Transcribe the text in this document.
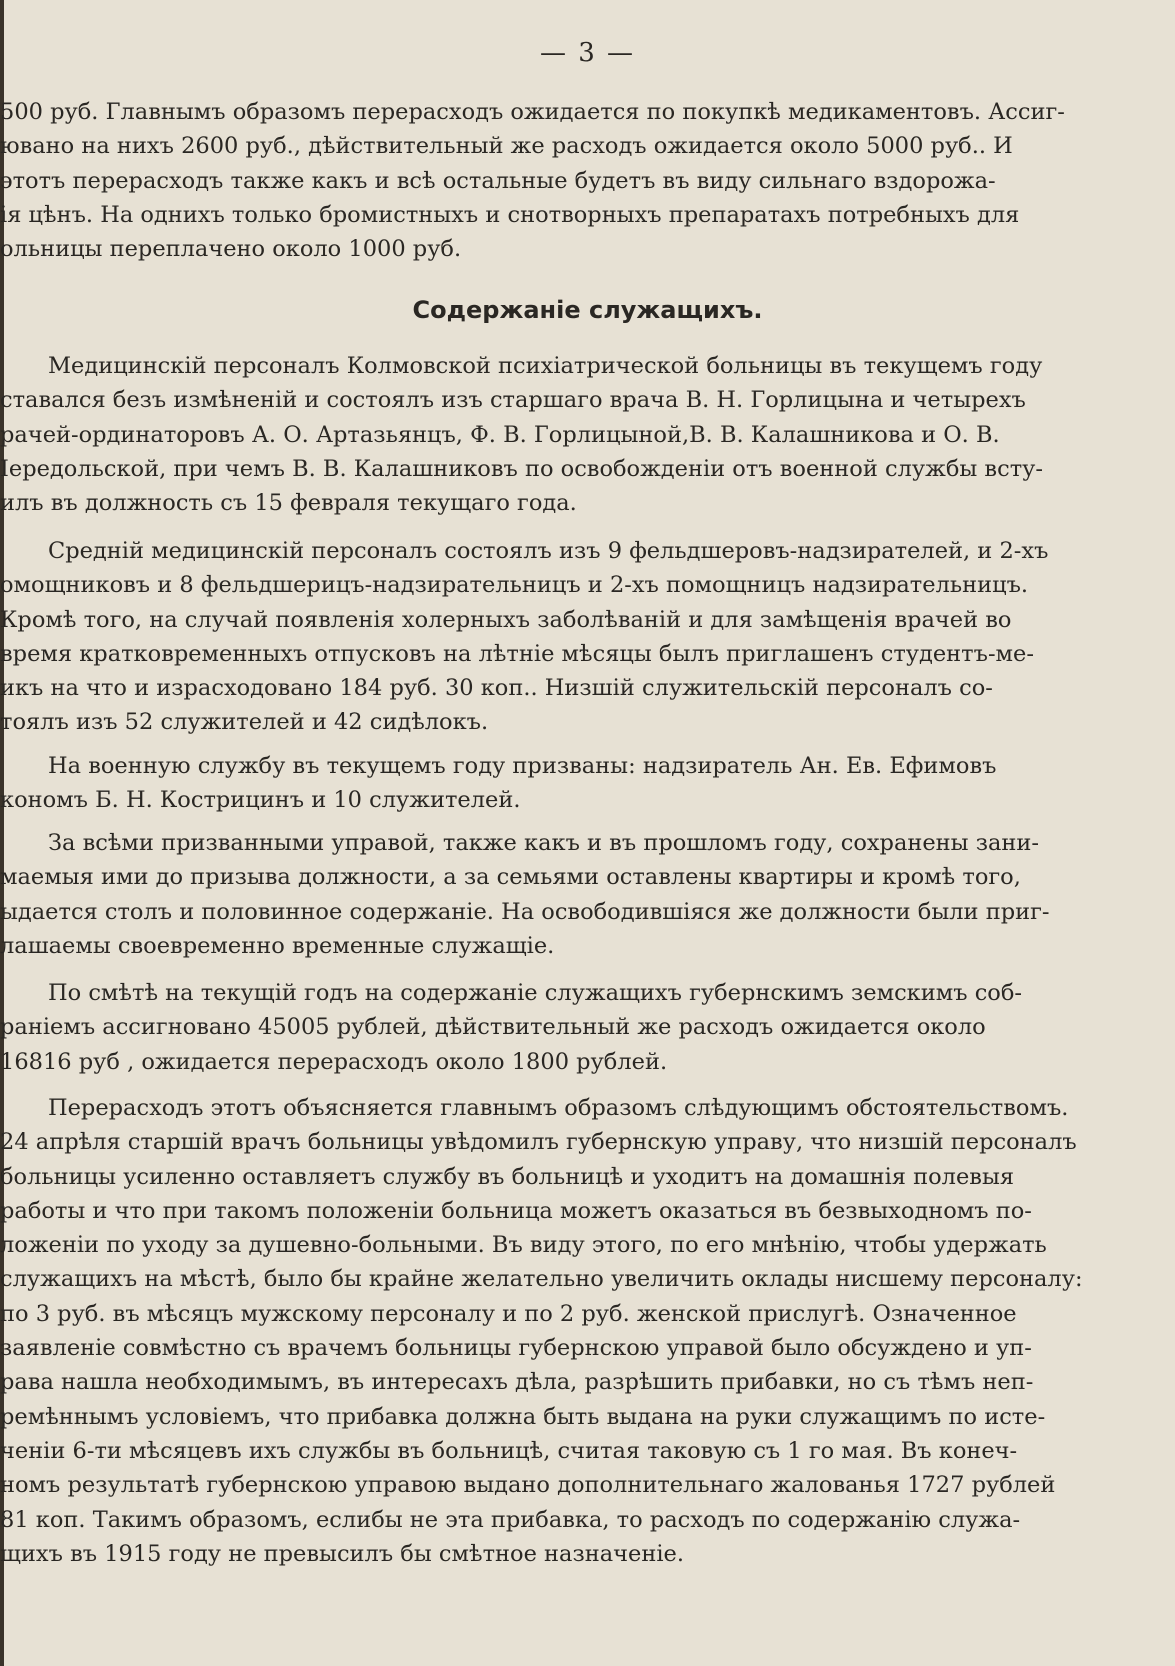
— 3 —
500 руб. Главнымъ образомъ перерасходъ ожидается по покупкѣ медикаментовъ. Ассиг-
ювано на нихъ 2600 руб., дѣйствительный же расходъ ожидается около 5000 руб.. И
этотъ перерасходъ также какъ и всѣ остальные будетъ въ виду сильнаго вздорожа-
ія цѣнъ. На однихъ только бромистныхъ и снотворныхъ препаратахъ потребныхъ для
ольницы переплачено около 1000 руб.
Содержаніе служащихъ.
Медицинскій персоналъ Колмовской психіатрической больницы въ текущемъ году
ставался безъ измѣненій и состоялъ изъ старшаго врача В. Н. Горлицына и четырехъ
рачей-ординаторовъ А. О. Артазьянцъ, Ф. В. Горлицыной,В. В. Калашникова и О. В.
Іередольской, при чемъ В. В. Калашниковъ по освобожденіи отъ военной службы всту-
илъ въ должность съ 15 февраля текущаго года.
Средній медицинскій персоналъ состоялъ изъ 9 фельдшеровъ-надзирателей, и 2-хъ
омощниковъ и 8 фельдшерицъ-надзирательницъ и 2-хъ помощницъ надзирательницъ.
Кромѣ того, на случай появленія холерныхъ заболѣваній и для замѣщенія врачей во
время кратковременныхъ отпусковъ на лѣтніе мѣсяцы былъ приглашенъ студентъ-ме-
икъ на что и израсходовано 184 руб. 30 коп.. Низшій служительскій персоналъ со-
тоялъ изъ 52 служителей и 42 сидѣлокъ.
На военную службу въ текущемъ году призваны: надзиратель Ан. Ев. Ефимовъ
кономъ Б. Н. Кострицинъ и 10 служителей.
За всѣми призванными управой, также какъ и въ прошломъ году, сохранены зани-
маемыя ими до призыва должности, а за семьями оставлены квартиры и кромѣ того,
ыдается столъ и половинное содержаніе. На освободившіяся же должности были приг-
лашаемы своевременно временные служащіе.
По смѣтѣ на текущій годъ на содержаніе служащихъ губернскимъ земскимъ соб-
раніемъ ассигновано 45005 рублей, дѣйствительный же расходъ ожидается около
16816 руб , ожидается перерасходъ около 1800 рублей.
Перерасходъ этотъ объясняется главнымъ образомъ слѣдующимъ обстоятельствомъ.
24 апрѣля старшій врачъ больницы увѣдомилъ губернскую управу, что низшій персоналъ
больницы усиленно оставляетъ службу въ больницѣ и уходитъ на домашнія полевыя
работы и что при такомъ положеніи больница можетъ оказаться въ безвыходномъ по-
ложеніи по уходу за душевно-больными. Въ виду этого, по его мнѣнію, чтобы удержать
служащихъ на мѣстѣ, было бы крайне желательно увеличить оклады нисшему персоналу:
по 3 руб. въ мѣсяцъ мужскому персоналу и по 2 руб. женской прислугѣ. Означенное
заявленіе совмѣстно съ врачемъ больницы губернскою управой было обсуждено и уп-
рава нашла необходимымъ, въ интересахъ дѣла, разрѣшить прибавки, но съ тѣмъ неп-
ремѣннымъ условіемъ, что прибавка должна быть выдана на руки служащимъ по исте-
ченіи 6-ти мѣсяцевъ ихъ службы въ больницѣ, считая таковую съ 1 го мая. Въ конеч-
номъ результатѣ губернскою управою выдано дополнительнаго жалованья 1727 рублей
81 коп. Такимъ образомъ, еслибы не эта прибавка, то расходъ по содержанію служа-
щихъ въ 1915 году не превысилъ бы смѣтное назначеніе.
